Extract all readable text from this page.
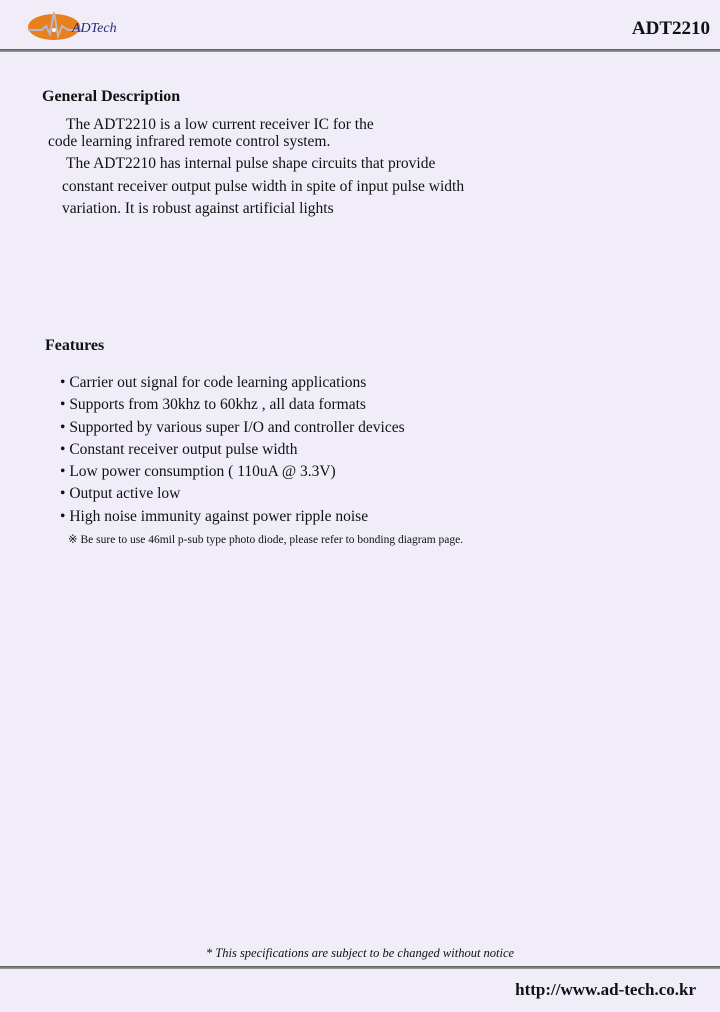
ADTech	ADT2210
General Description
The ADT2210 is a low current receiver IC for the
code learning infrared remote control system.
The ADT2210 has internal pulse shape circuits that provide
constant receiver output pulse width in spite of input pulse width
variation. It is robust against artificial lights
Features
• Carrier out signal for code learning applications
• Supports from 30khz to 60khz , all data formats
• Supported by various super I/O and controller devices
• Constant receiver output pulse width
• Low power consumption ( 110uA @ 3.3V)
• Output active low
• High noise immunity against power ripple noise
※ Be sure to use 46mil p-sub type photo diode, please refer to bonding diagram page.
* This specifications are subject to be changed without notice
http://www.ad-tech.co.kr
